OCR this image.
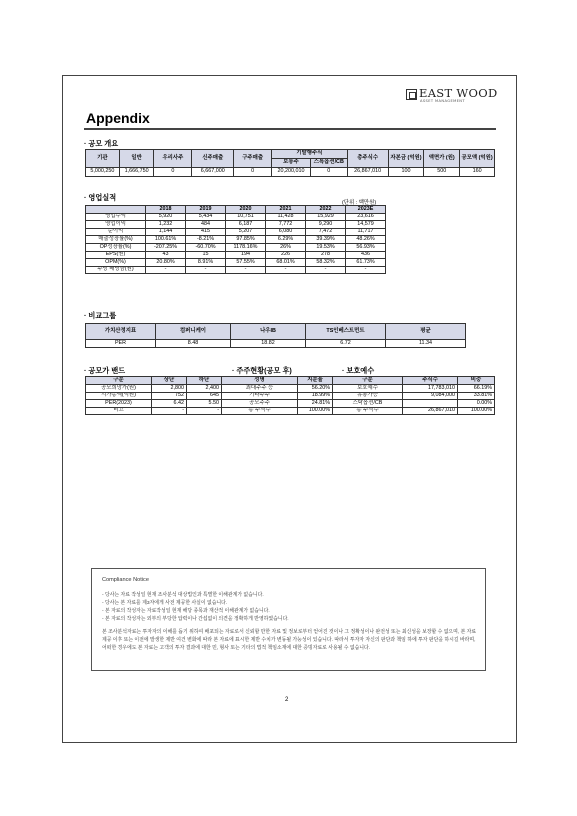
EAST WOOD
ASSET MANAGEMENT
Appendix
· 공모 개요
기관	일반	우리사주	신주매출	구주매출	기발행주식		총주식수	자본금 (억원)	액면가 (원)	공모액 (억원)
					보통주	스톡옵션/CB				
5,000,250	1,666,750	0	6,667,000	0	20,200,010	0	26,867,010	100	500	160
· 영업실적
(단위 : 백만원)
	2018	2019	2020	2021	2022	2023E
영업수익	5,920	5,434	10,751	11,428	15,929	23,616
영업이익	1,232	484	6,187	7,772	9,290	14,579
순이익	1,144	415	5,207	6,080	7,472	11,717
매출성장률(%)	100.61%	-8.21%	97.85%	6.29%	39.39%	48.26%
OP성장률(%)	-207.25%	-60.70%	1178.16%	26%	19.53%	56.93%
EPS(원)	43	15	194	226	278	436
OPM(%)	20.80%	8.91%	57.55%	68.01%	58.32%	61.73%
주당 배당금(원)	-	-	-	-	-	-
· 비교그룹
가치산정지표	컴퍼니케이	나우IB	TS인베스트먼트	평균
PER	8.48	18.82	6.72	11.34
· 공모가 밴드	· 주주현황(공모 후)	· 보호예수
구분	상단	하단	성명	지분율	구분	주식수	비중
공모희망가(원)	2,800	2,400	최대주주 등	56.20%	보호예수	17,783,010	66.19%
시가총액(억원)	752	645	기타주주	18.99%	유통가능	9,084,000	33.81%
PER(2023)	6.42	5.50	공모주주	24.81%	스탁옵션/CB		0.00%
비고	-	-	총 주식수	100.00%	총 주식수	26,867,010	100.00%
Compliance Notice
- 당사는 자료 작성일 현재 조사분석 대상법인과 특별한 이해관계가 없습니다.
- 당사는 본 자료를 제3자에게 사전 제공한 사실이 없습니다.
- 본 자료의 작성자는 자료작성일 현재 해당 종목과 재산적 이해관계가 없습니다.
- 본 자료의 작성자는 외부의 부당한 압력이나 간섭없이 의견을 정확하게 반영하였습니다.
본 조사분석자료는 투자자의 이해를 돕기 위하여 배포되는 자료로서 신뢰할 만한 자료 및 정보로부터 얻어진 것이나 그 정확성이나 완전성 또는 최신성을 보장할 수 없으며, 본 자료 제공 이후 또는 이전에 발생한 제반 여건 변화에 따라 본 자료에 표시한 제반 수치가 변동될 가능성이 있습니다. 따라서 투자자 자신의 판단과 책임 하에 투자 판단을 하시길 바라며, 어떠한 경우에도 본 자료는 고객의 투자 결과에 대한 민, 형사 또는 기타의 법적 책임소재에 대한 증빙자료로 사용될 수 없습니다.
2
